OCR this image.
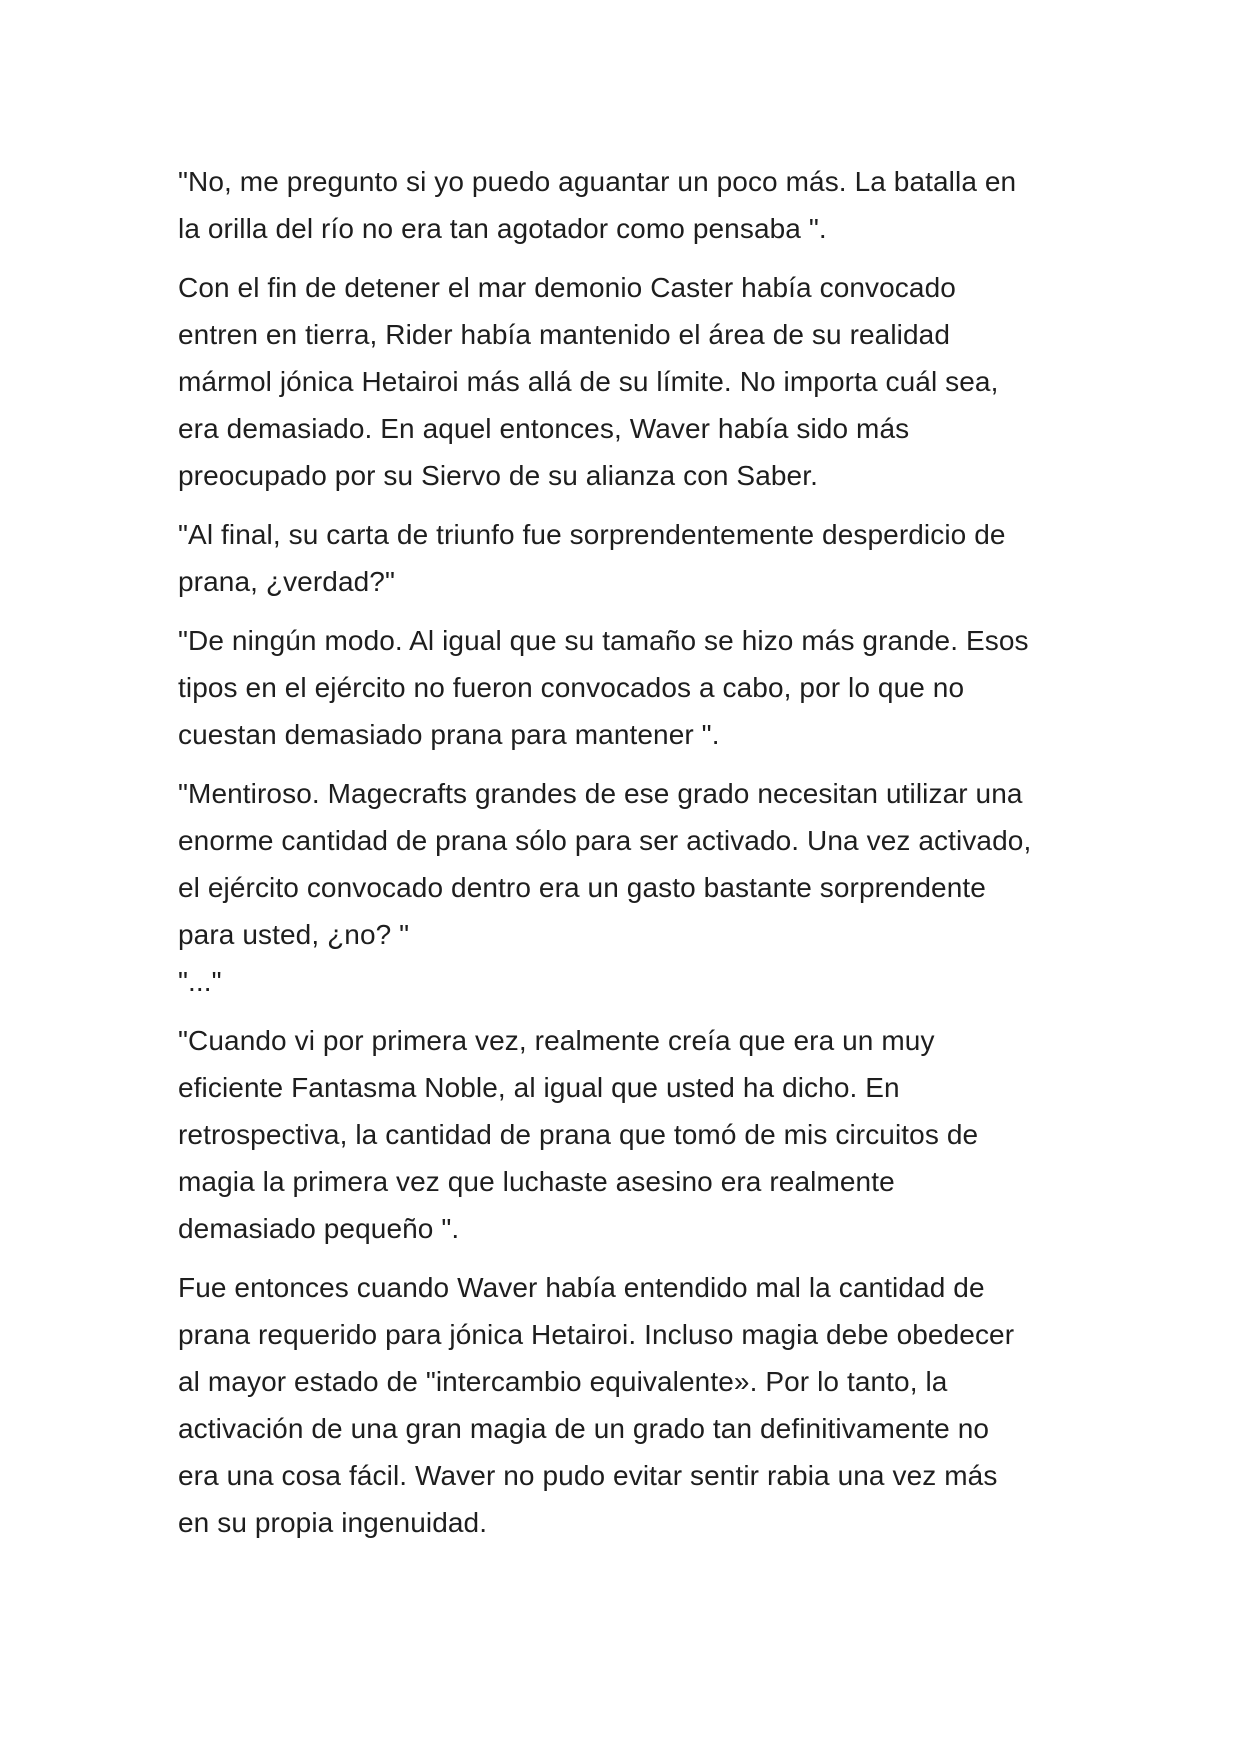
"No, me pregunto si yo puedo aguantar un poco más. La batalla en
la orilla del río no era tan agotador como pensaba ".

Con el fin de detener el mar demonio Caster había convocado
entren en tierra, Rider había mantenido el área de su realidad
mármol jónica Hetairoi más allá de su límite. No importa cuál sea,
era demasiado. En aquel entonces, Waver había sido más
preocupado por su Siervo de su alianza con Saber.

"Al final, su carta de triunfo fue sorprendentemente desperdicio de
prana, ¿verdad?"

"De ningún modo. Al igual que su tamaño se hizo más grande. Esos
tipos en el ejército no fueron convocados a cabo, por lo que no
cuestan demasiado prana para mantener ".

"Mentiroso. Magecrafts grandes de ese grado necesitan utilizar una
enorme cantidad de prana sólo para ser activado. Una vez activado,
el ejército convocado dentro era un gasto bastante sorprendente
para usted, ¿no? "
"..."

"Cuando vi por primera vez, realmente creía que era un muy
eficiente Fantasma Noble, al igual que usted ha dicho. En
retrospectiva, la cantidad de prana que tomó de mis circuitos de
magia la primera vez que luchaste asesino era realmente
demasiado pequeño ".

Fue entonces cuando Waver había entendido mal la cantidad de
prana requerido para jónica Hetairoi. Incluso magia debe obedecer
al mayor estado de "intercambio equivalente». Por lo tanto, la
activación de una gran magia de un grado tan definitivamente no
era una cosa fácil. Waver no pudo evitar sentir rabia una vez más
en su propia ingenuidad.
